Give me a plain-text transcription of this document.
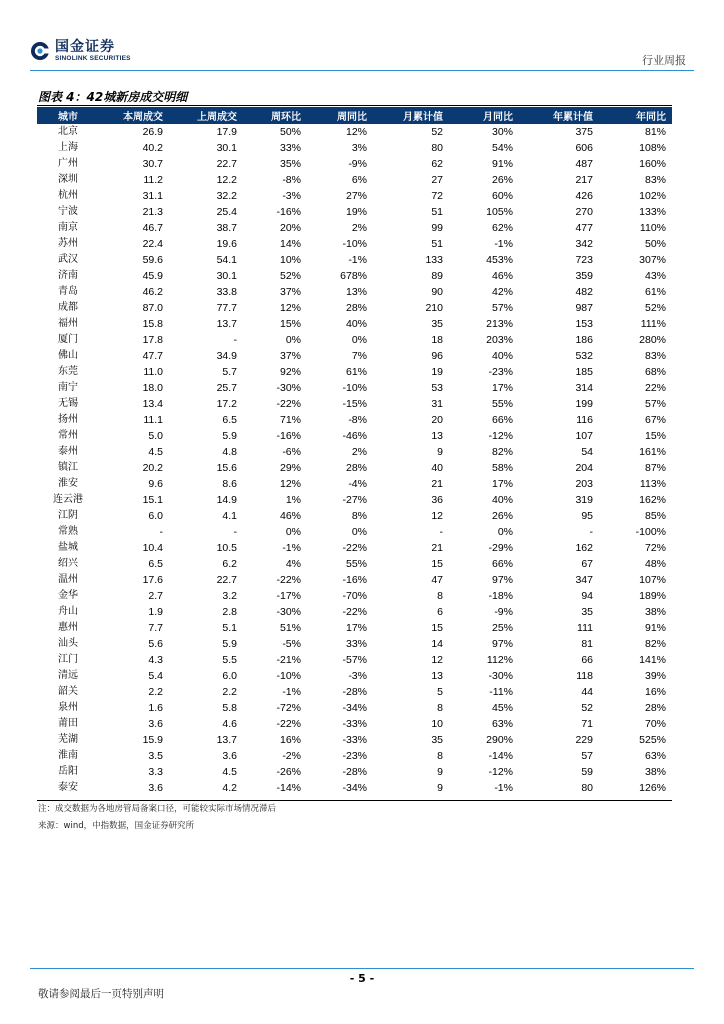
国金证券
SINOLINK SECURITIES	行业周报
图表 4：42城新房成交明细
城市	本周成交	上周成交	周环比	周同比	月累计值	月同比	年累计值	年同比
北京	26.9	17.9	50%	12%	52	30%	375	81%
上海	40.2	30.1	33%	3%	80	54%	606	108%
广州	30.7	22.7	35%	-9%	62	91%	487	160%
深圳	11.2	12.2	-8%	6%	27	26%	217	83%
杭州	31.1	32.2	-3%	27%	72	60%	426	102%
宁波	21.3	25.4	-16%	19%	51	105%	270	133%
南京	46.7	38.7	20%	2%	99	62%	477	110%
苏州	22.4	19.6	14%	-10%	51	-1%	342	50%
武汉	59.6	54.1	10%	-1%	133	453%	723	307%
济南	45.9	30.1	52%	678%	89	46%	359	43%
青岛	46.2	33.8	37%	13%	90	42%	482	61%
成都	87.0	77.7	12%	28%	210	57%	987	52%
福州	15.8	13.7	15%	40%	35	213%	153	111%
厦门	17.8	-	0%	0%	18	203%	186	280%
佛山	47.7	34.9	37%	7%	96	40%	532	83%
东莞	11.0	5.7	92%	61%	19	-23%	185	68%
南宁	18.0	25.7	-30%	-10%	53	17%	314	22%
无锡	13.4	17.2	-22%	-15%	31	55%	199	57%
扬州	11.1	6.5	71%	-8%	20	66%	116	67%
常州	5.0	5.9	-16%	-46%	13	-12%	107	15%
泰州	4.5	4.8	-6%	2%	9	82%	54	161%
镇江	20.2	15.6	29%	28%	40	58%	204	87%
淮安	9.6	8.6	12%	-4%	21	17%	203	113%
连云港	15.1	14.9	1%	-27%	36	40%	319	162%
江阴	6.0	4.1	46%	8%	12	26%	95	85%
常熟	-	-	0%	0%	-	0%	-	-100%
盐城	10.4	10.5	-1%	-22%	21	-29%	162	72%
绍兴	6.5	6.2	4%	55%	15	66%	67	48%
温州	17.6	22.7	-22%	-16%	47	97%	347	107%
金华	2.7	3.2	-17%	-70%	8	-18%	94	189%
舟山	1.9	2.8	-30%	-22%	6	-9%	35	38%
惠州	7.7	5.1	51%	17%	15	25%	111	91%
汕头	5.6	5.9	-5%	33%	14	97%	81	82%
江门	4.3	5.5	-21%	-57%	12	112%	66	141%
清远	5.4	6.0	-10%	-3%	13	-30%	118	39%
韶关	2.2	2.2	-1%	-28%	5	-11%	44	16%
泉州	1.6	5.8	-72%	-34%	8	45%	52	28%
莆田	3.6	4.6	-22%	-33%	10	63%	71	70%
芜湖	15.9	13.7	16%	-33%	35	290%	229	525%
淮南	3.5	3.6	-2%	-23%	8	-14%	57	63%
岳阳	3.3	4.5	-26%	-28%	9	-12%	59	38%
泰安	3.6	4.2	-14%	-34%	9	-1%	80	126%
注：成交数据为各地房管局备案口径，可能较实际市场情况滞后
来源：wind，中指数据，国金证券研究所
- 5 -
敬请参阅最后一页特别声明
